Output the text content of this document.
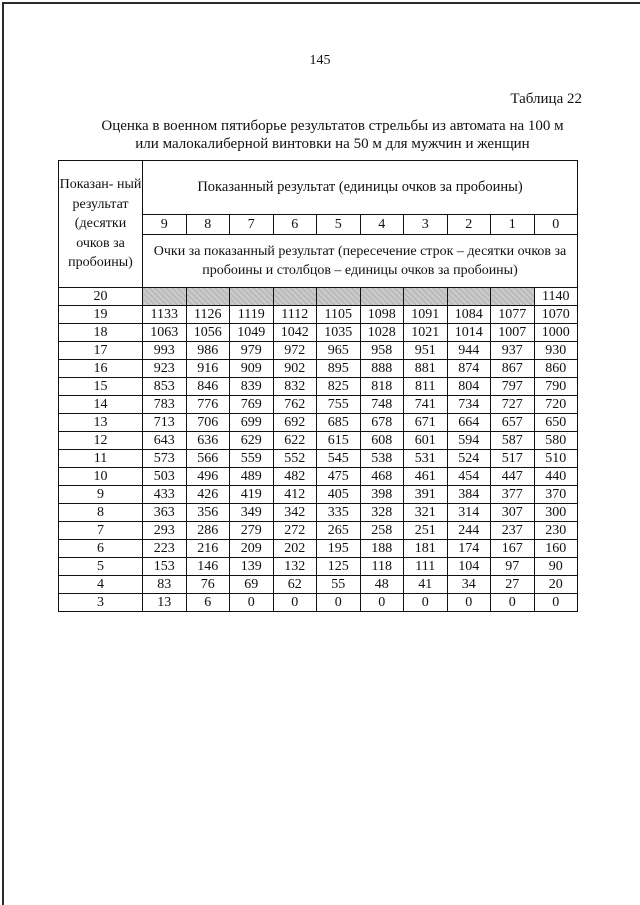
145
Таблица 22
Оценка в военном пятиборье результатов стрельбы из автомата на 100 м
или малокалиберной винтовки на 50 м для мужчин и женщин
Показан- ный результат (десятки очков за пробоины)	Показанный результат (единицы очков за пробоины)									
	9	8	7	6	5	4	3	2	1	0
	Очки за показанный результат (пересечение строк – десятки очков за пробоины и столбцов – единицы очков за пробоины)									
20										1140
19	1133	1126	1119	1112	1105	1098	1091	1084	1077	1070
18	1063	1056	1049	1042	1035	1028	1021	1014	1007	1000
17	993	986	979	972	965	958	951	944	937	930
16	923	916	909	902	895	888	881	874	867	860
15	853	846	839	832	825	818	811	804	797	790
14	783	776	769	762	755	748	741	734	727	720
13	713	706	699	692	685	678	671	664	657	650
12	643	636	629	622	615	608	601	594	587	580
11	573	566	559	552	545	538	531	524	517	510
10	503	496	489	482	475	468	461	454	447	440
9	433	426	419	412	405	398	391	384	377	370
8	363	356	349	342	335	328	321	314	307	300
7	293	286	279	272	265	258	251	244	237	230
6	223	216	209	202	195	188	181	174	167	160
5	153	146	139	132	125	118	111	104	97	90
4	83	76	69	62	55	48	41	34	27	20
3	13	6	0	0	0	0	0	0	0	0
